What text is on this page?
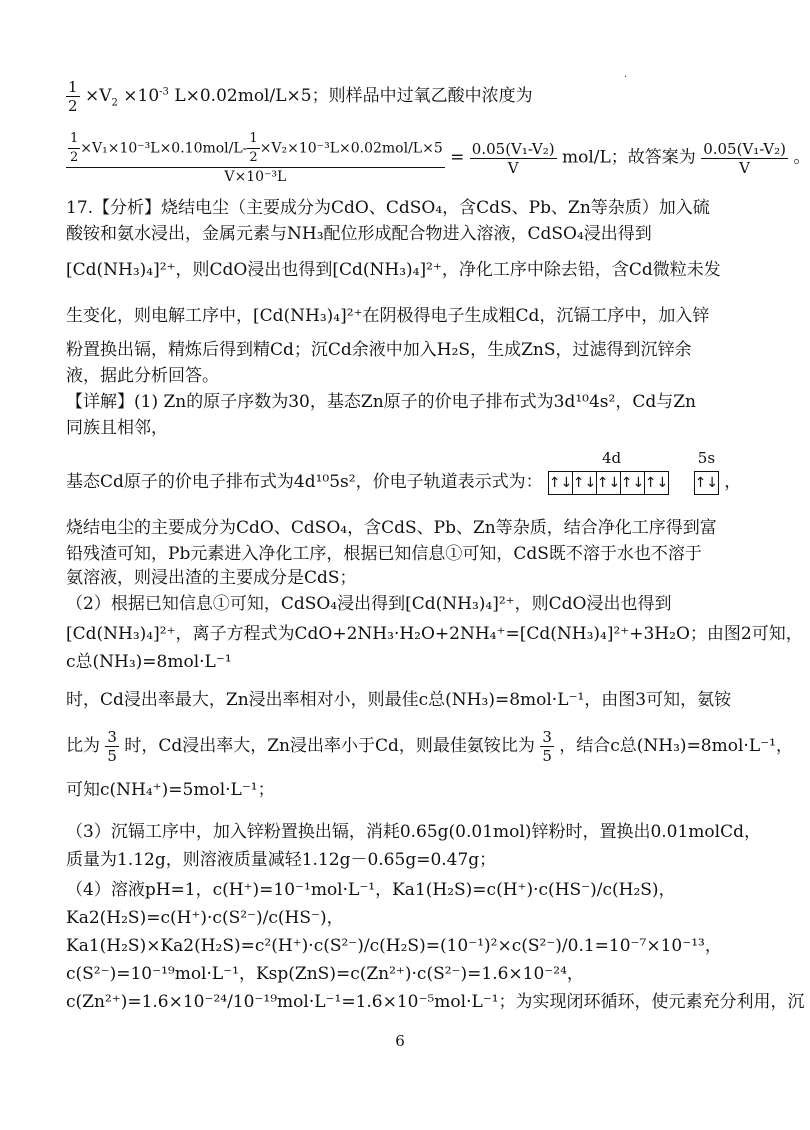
$\frac{1}{2} \times V_2 \times 10^{-3}$ L×0.02mol/L×5；则样品中过氧乙酸中浓度为
·
$\frac{1}{2} \times V_1\times 10^{-3}L\times 0.10mol/L- \frac{1}{2} \times V_2\times 10^{-3}L\times 0.02mol/L\times 5$
V×10⁻³L
= $\frac{\text{0.05(V₁-V₂)}}{V} mol/L$；故答案为 $\frac{\text{0.05(V₁-V₂)}}{V}$ 。
17.【分析】烧结电尘（主要成分为CdO、CdSO₄，含CdS、Pb、Zn等杂质）加入硫
酸铵和氨水浸出，金属元素与NH₃配位形成配合物进入溶液，CdSO₄浸出得到
[Cd(NH₃)₄]²⁺，则CdO浸出也得到[Cd(NH₃)₄]²⁺，净化工序中除去铅，含Cd微粒未发
生变化，则电解工序中，[Cd(NH₃)₄]²⁺在阴极得电子生成粗Cd，沉镉工序中，加入锌
粉置换出镉，精炼后得到精Cd；沉Cd余液中加入H₂S，生成ZnS，过滤得到沉锌余
液，据此分析回答。
【详解】(1) Zn的原子序数为30，基态Zn原子的价电子排布式为3d¹⁰4s²，Cd与Zn
同族且相邻，
基态Cd原子的价电子排布式为4d¹⁰5s²，价电子轨道表示式为：
4d
↑↓ ↑↓ ↑↓ ↑↓ ↑↓

5s
↑↓ ，
烧结电尘的主要成分为CdO、CdSO₄，含CdS、Pb、Zn等杂质，结合净化工序得到富
铅残渣可知，Pb元素进入净化工序，根据已知信息①可知，CdS既不溶于水也不溶于
氨溶液，则浸出渣的主要成分是CdS；
（2）根据已知信息①可知，CdSO₄浸出得到[Cd(NH₃)₄]²⁺，则CdO浸出也得到
[Cd(NH₃)₄]²⁺，离子方程式为CdO+2NH₃·H₂O+2NH₄⁺=[Cd(NH₃)₄]²⁺+3H₂O；由图2可知，
c总(NH₃)=8mol·L⁻¹
时，Cd浸出率最大，Zn浸出率相对小，则最佳c总(NH₃)=8mol·L⁻¹，由图3可知，氨铵
比为 $\frac{3}{5}$ 时，Cd浸出率大，Zn浸出率小于Cd，则最佳氨铵比为 $\frac{3}{5}$ ，结合c总(NH₃)=8mol·L⁻¹，
可知c(NH₄⁺)=5mol·L⁻¹；
（3）沉镉工序中，加入锌粉置换出镉，消耗0.65g(0.01mol)锌粉时，置换出0.01molCd，
质量为1.12g，则溶液质量减轻1.12g－0.65g=0.47g；
（4）溶液pH=1，c(H⁺)=10⁻¹mol·L⁻¹，Ka1(H₂S)=c(H⁺)·c(HS⁻)/c(H₂S)，
Ka2(H₂S)=c(H⁺)·c(S²⁻)/c(HS⁻)，
Ka1(H₂S)×Ka2(H₂S)=c²(H⁺)·c(S²⁻)/c(H₂S)=(10⁻¹)²×c(S²⁻)/0.1=10⁻⁷×10⁻¹³，
c(S²⁻)=10⁻¹⁹mol·L⁻¹，Ksp(ZnS)=c(Zn²⁺)·c(S²⁻)=1.6×10⁻²⁴，
c(Zn²⁺)=1.6×10⁻²⁴/10⁻¹⁹mol·L⁻¹=1.6×10⁻⁵mol·L⁻¹；为实现闭环循环，使元素充分利用，沉
6
